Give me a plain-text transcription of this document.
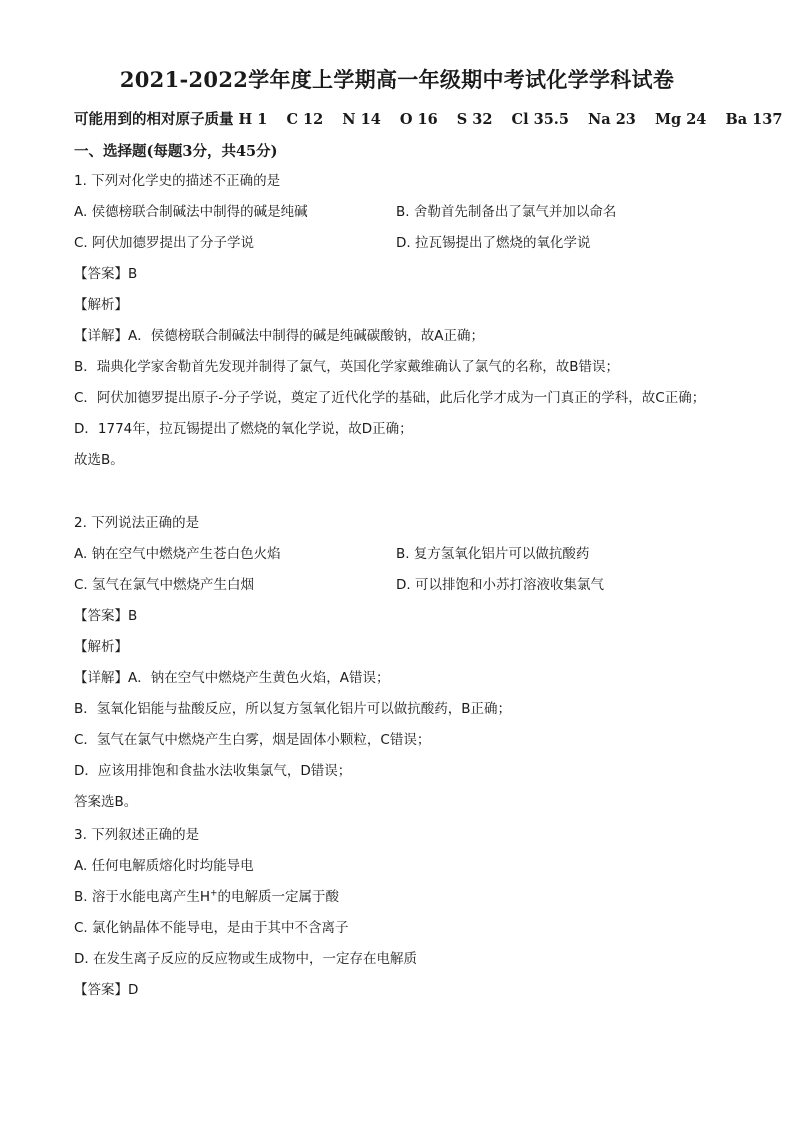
2021-2022学年度上学期高一年级期中考试化学学科试卷
可能用到的相对原子质量 H 1 C 12 N 14 O 16 S 32 Cl 35.5 Na 23 Mg 24 Ba 137
一、选择题(每题3分，共45分)
1. 下列对化学史的描述不正确的是
A. 侯德榜联合制碱法中制得的碱是纯碱	B. 舍勒首先制备出了氯气并加以命名
C. 阿伏加德罗提出了分子学说	D. 拉瓦锡提出了燃烧的氧化学说
【答案】B
【解析】
【详解】A．侯德榜联合制碱法中制得的碱是纯碱碳酸钠，故A正确；
B．瑞典化学家舍勒首先发现并制得了氯气，英国化学家戴维确认了氯气的名称，故B错误；
C．阿伏加德罗提出原子-分子学说，奠定了近代化学的基础，此后化学才成为一门真正的学科，故C正确；
D．1774年，拉瓦锡提出了燃烧的氧化学说，故D正确；
故选B。
2. 下列说法正确的是
A. 钠在空气中燃烧产生苍白色火焰	B. 复方氢氧化铝片可以做抗酸药
C. 氢气在氯气中燃烧产生白烟	D. 可以排饱和小苏打溶液收集氯气
【答案】B
【解析】
【详解】A．钠在空气中燃烧产生黄色火焰，A错误；
B．氢氧化铝能与盐酸反应，所以复方氢氧化铝片可以做抗酸药，B正确；
C．氢气在氯气中燃烧产生白雾，烟是固体小颗粒，C错误；
D．应该用排饱和食盐水法收集氯气，D错误；
答案选B。
3. 下列叙述正确的是
A. 任何电解质熔化时均能导电
B. 溶于水能电离产生H+的电解质一定属于酸
C. 氯化钠晶体不能导电，是由于其中不含离子
D. 在发生离子反应的反应物或生成物中，一定存在电解质
【答案】D
